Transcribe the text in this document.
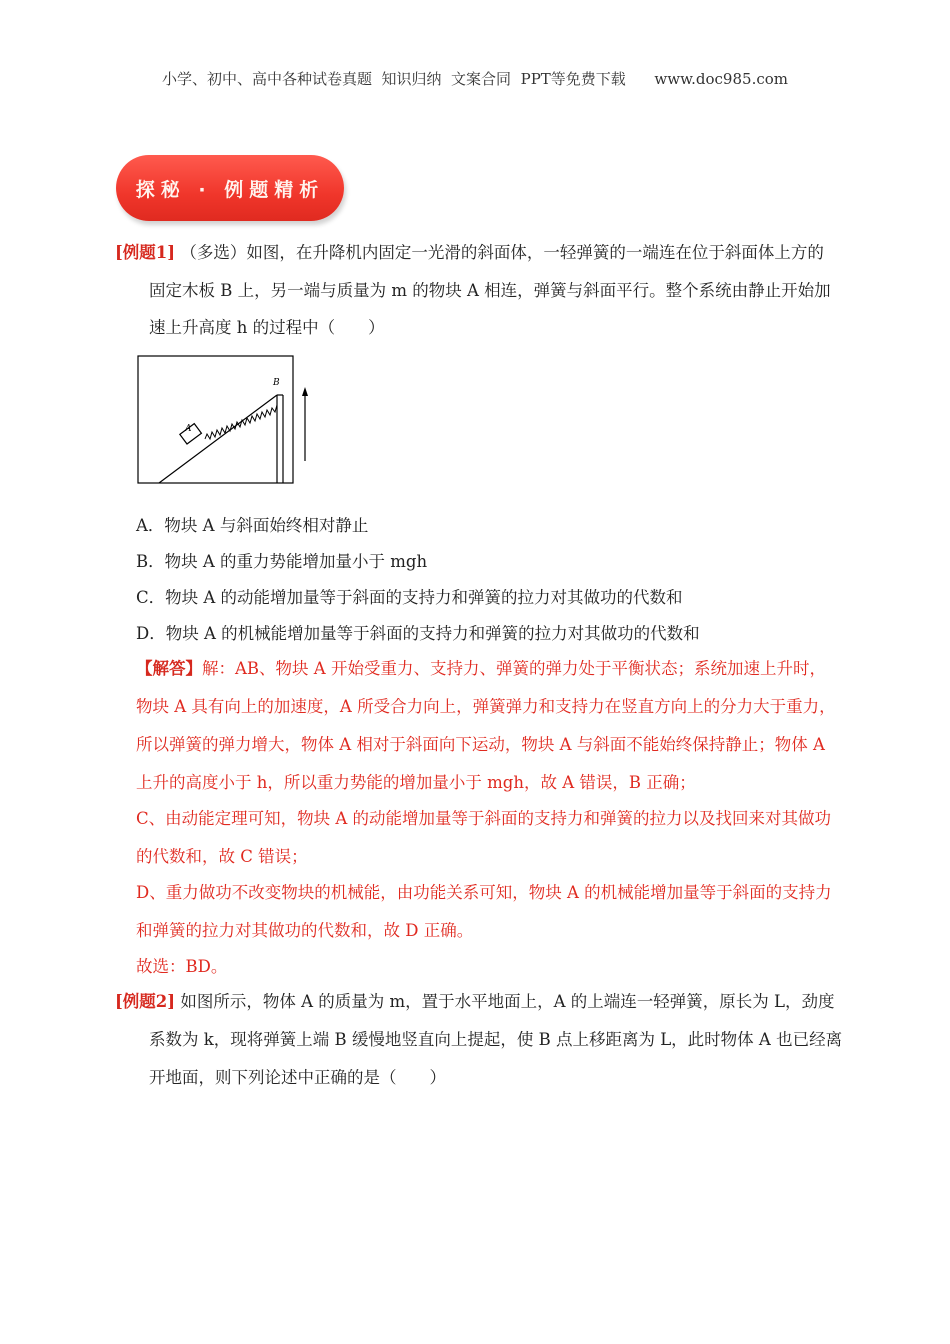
小学、初中、高中各种试卷真题  知识归纳  文案合同  PPT等免费下载      www.doc985.com
探秘 · 例题精析
[例题1] （多选）如图，在升降机内固定一光滑的斜面体，一轻弹簧的一端连在位于斜面体上方的
固定木板 B 上，另一端与质量为 m 的物块 A 相连，弹簧与斜面平行。整个系统由静止开始加
速上升高度 h 的过程中（　　）
A
B
A．物块 A 与斜面始终相对静止
B．物块 A 的重力势能增加量小于 mgh
C．物块 A 的动能增加量等于斜面的支持力和弹簧的拉力对其做功的代数和
D．物块 A 的机械能增加量等于斜面的支持力和弹簧的拉力对其做功的代数和
【解答】解：AB、物块 A 开始受重力、支持力、弹簧的弹力处于平衡状态；系统加速上升时，
物块 A 具有向上的加速度，A 所受合力向上，弹簧弹力和支持力在竖直方向上的分力大于重力，
所以弹簧的弹力增大，物体 A 相对于斜面向下运动，物块 A 与斜面不能始终保持静止；物体 A
上升的高度小于 h，所以重力势能的增加量小于 mgh，故 A 错误，B 正确；
C、由动能定理可知，物块 A 的动能增加量等于斜面的支持力和弹簧的拉力以及找回来对其做功
的代数和，故 C 错误；
D、重力做功不改变物块的机械能，由功能关系可知，物块 A 的机械能增加量等于斜面的支持力
和弹簧的拉力对其做功的代数和，故 D 正确。
故选：BD。
[例题2] 如图所示，物体 A 的质量为 m，置于水平地面上，A 的上端连一轻弹簧，原长为 L，劲度
系数为 k，现将弹簧上端 B 缓慢地竖直向上提起，使 B 点上移距离为 L，此时物体 A 也已经离
开地面，则下列论述中正确的是（　　）
